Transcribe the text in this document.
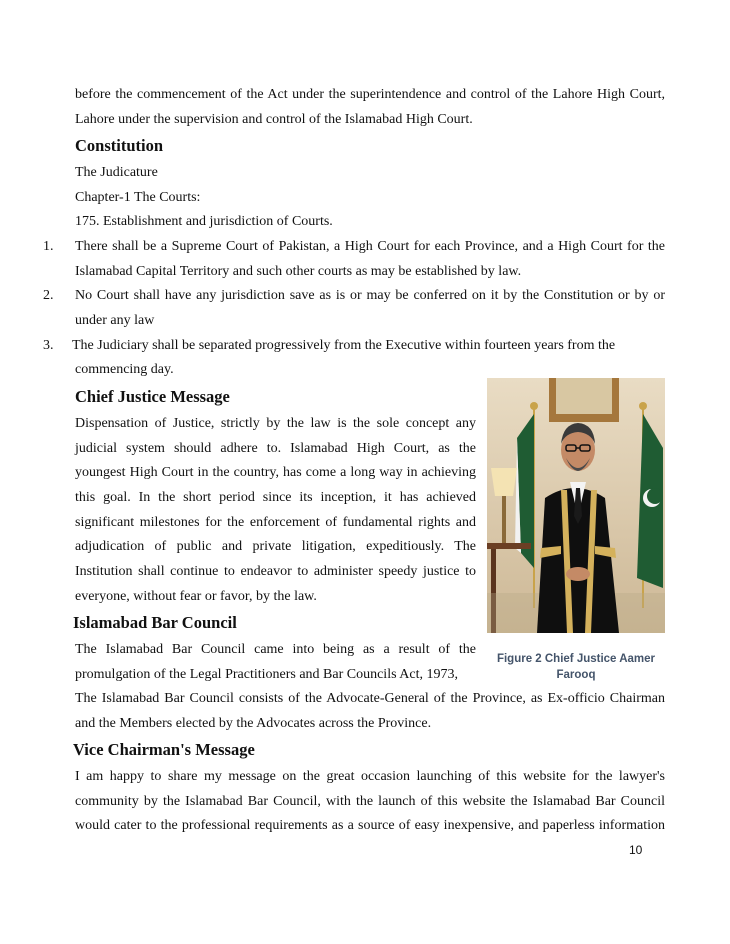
before the commencement of the Act under the superintendence and control of the Lahore High Court,

Lahore under the supervision and control of the Islamabad High Court.

Constitution

The Judicature

Chapter-1 The Courts:

175. Establishment and jurisdiction of Courts.

1. There shall be a Supreme Court of Pakistan, a High Court for each Province, and a High Court for the

Islamabad Capital Territory and such other courts as may be established by law.

2. No Court shall have any jurisdiction save as is or may be conferred on it by the Constitution or by or

under any law

3. The Judiciary shall be separated progressively from the Executive within fourteen years from the

commencing day.

Chief Justice Message

Dispensation of Justice, strictly by the law is the sole concept any

judicial system should adhere to. Islamabad High Court, as the

youngest High Court in the country, has come a long way in achieving

this goal. In the short period since its inception, it has achieved

significant milestones for the enforcement of fundamental rights and

adjudication of public and private litigation, expeditiously. The

Institution shall continue to endeavor to administer speedy justice to

everyone, without fear or favor, by the law.

Figure 2 Chief Justice Aamer

Farooq

Islamabad Bar Council

The Islamabad Bar Council came into being as a result of the

promulgation of the Legal Practitioners and Bar Councils Act, 1973,

The Islamabad Bar Council consists of the Advocate-General of the Province, as Ex-officio Chairman

and the Members elected by the Advocates across the Province.

Vice Chairman's Message

I am happy to share my message on the great occasion launching of this website for the lawyer's

community by the Islamabad Bar Council, with the launch of this website the Islamabad Bar Council

would cater to the professional requirements as a source of easy inexpensive, and paperless information

10
